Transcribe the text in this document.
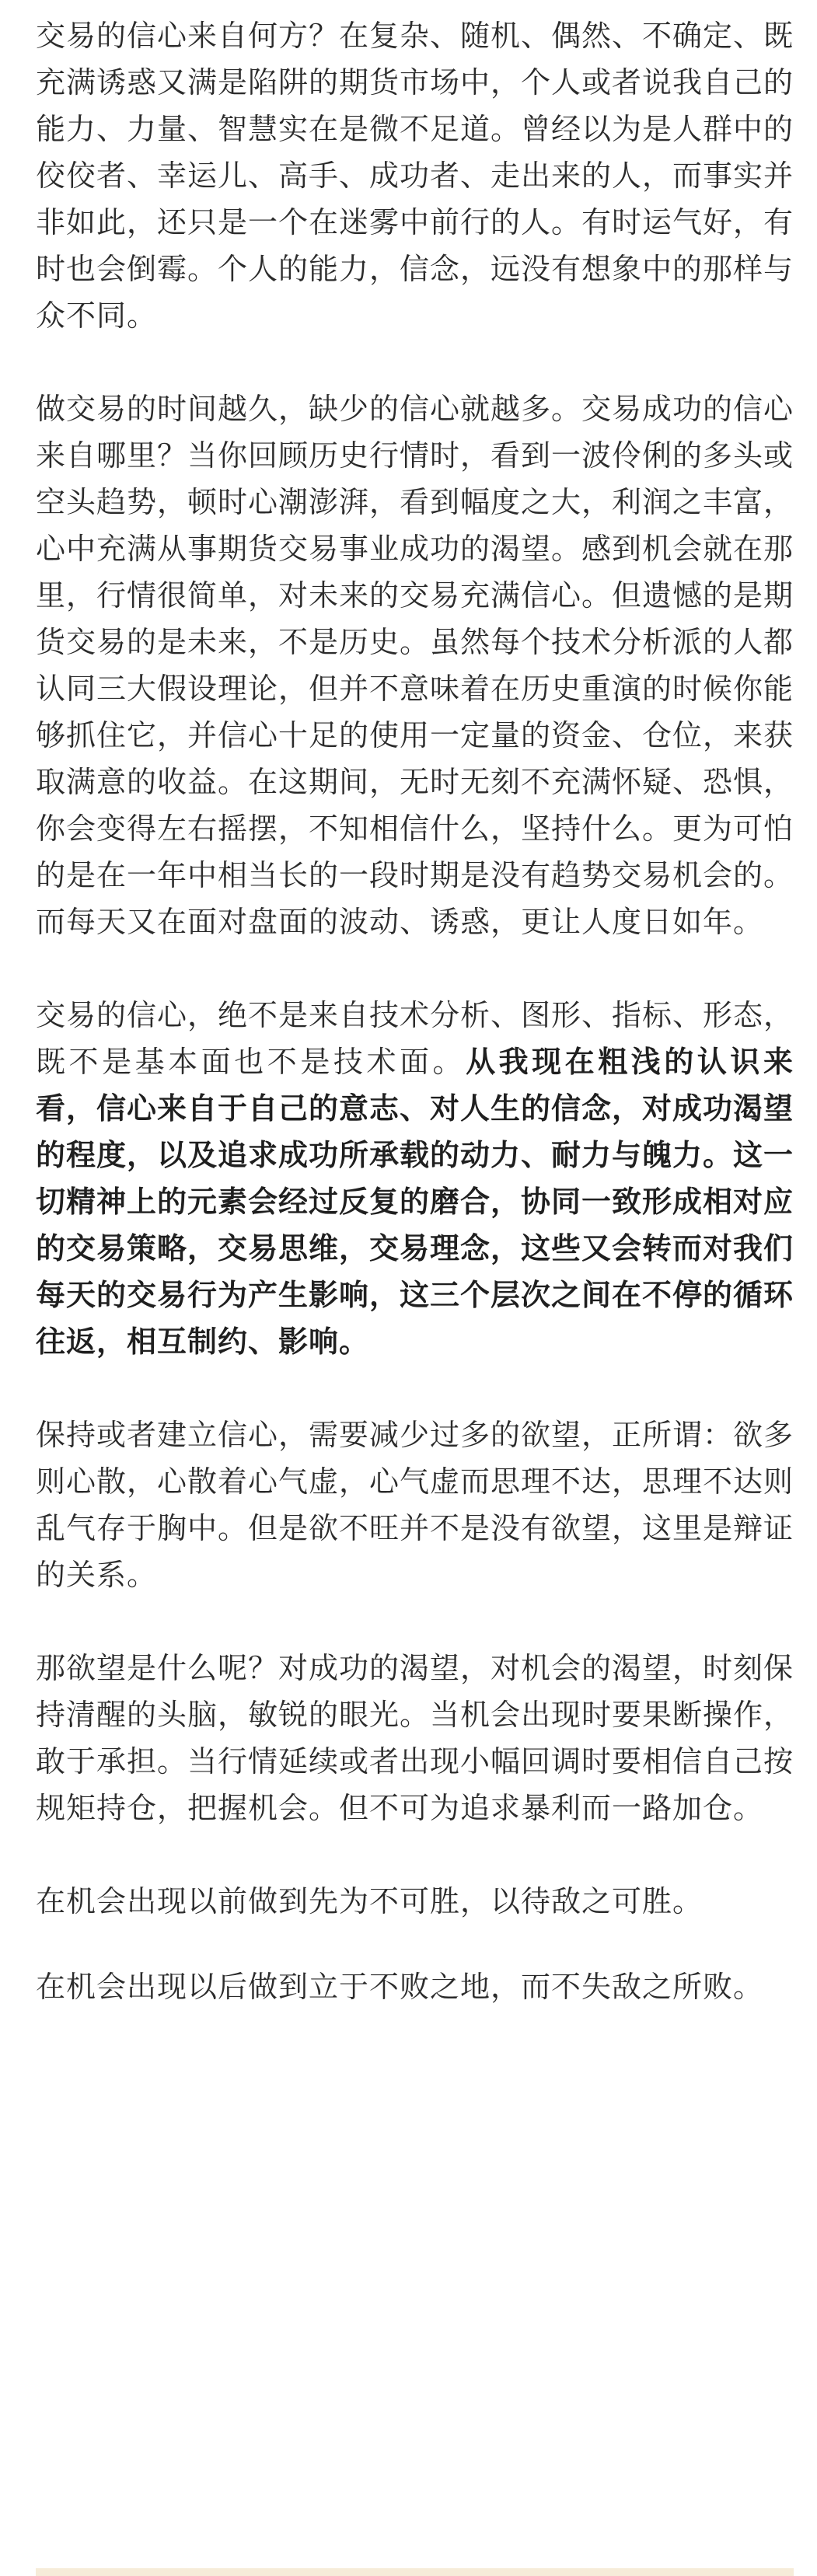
交易的信心来自何方？在复杂、随机、偶然、不确定、既充满诱惑又满是陷阱的期货市场中，个人或者说我自己的能力、力量、智慧实在是微不足道。曾经以为是人群中的佼佼者、幸运儿、高手、成功者、走出来的人，而事实并非如此，还只是一个在迷雾中前行的人。有时运气好，有时也会倒霉。个人的能力，信念，远没有想象中的那样与众不同。

做交易的时间越久，缺少的信心就越多。交易成功的信心来自哪里？当你回顾历史行情时，看到一波伶俐的多头或空头趋势，顿时心潮澎湃，看到幅度之大，利润之丰富，心中充满从事期货交易事业成功的渴望。感到机会就在那里，行情很简单，对未来的交易充满信心。但遗憾的是期货交易的是未来，不是历史。虽然每个技术分析派的人都认同三大假设理论，但并不意味着在历史重演的时候你能够抓住它，并信心十足的使用一定量的资金、仓位，来获取满意的收益。在这期间，无时无刻不充满怀疑、恐惧，你会变得左右摇摆，不知相信什么，坚持什么。更为可怕的是在一年中相当长的一段时期是没有趋势交易机会的。而每天又在面对盘面的波动、诱惑，更让人度日如年。

交易的信心，绝不是来自技术分析、图形、指标、形态，既不是基本面也不是技术面。从我现在粗浅的认识来看，信心来自于自己的意志、对人生的信念，对成功渴望的程度，以及追求成功所承载的动力、耐力与魄力。这一切精神上的元素会经过反复的磨合，协同一致形成相对应的交易策略，交易思维，交易理念，这些又会转而对我们每天的交易行为产生影响，这三个层次之间在不停的循环往返，相互制约、影响。

保持或者建立信心，需要减少过多的欲望，正所谓：欲多则心散，心散着心气虚，心气虚而思理不达，思理不达则乱气存于胸中。但是欲不旺并不是没有欲望，这里是辩证的关系。

那欲望是什么呢？对成功的渴望，对机会的渴望，时刻保持清醒的头脑，敏锐的眼光。当机会出现时要果断操作，敢于承担。当行情延续或者出现小幅回调时要相信自己按规矩持仓，把握机会。但不可为追求暴利而一路加仓。

在机会出现以前做到先为不可胜，以待敌之可胜。

在机会出现以后做到立于不败之地，而不失敌之所败。
